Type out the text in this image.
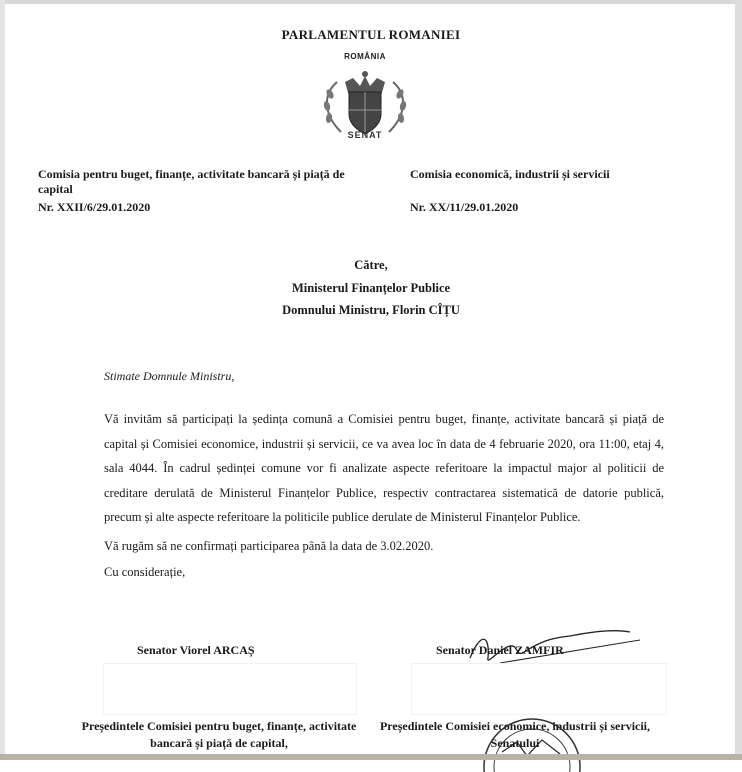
PARLAMENTUL ROMANIEI
ROMÂNIA
SENAT
Comisia pentru buget, finanțe, activitate bancară și piață de capital
Comisia economică, industrii și servicii
Nr. XXII/6/29.01.2020	Nr. XX/11/29.01.2020
Către,
Ministerul Finanțelor Publice
Domnului Ministru, Florin CÎȚU
Stimate Domnule Ministru,

Vă invităm să participați la ședința comună a Comisiei pentru buget, finanțe, activitate bancară și piață de capital și Comisiei economice, industrii și servicii, ce va avea loc în data de 4 februarie 2020, ora 11:00, etaj 4, sala 4044. În cadrul ședinței comune vor fi analizate aspecte referitoare la impactul major al politicii de creditare derulată de Ministerul Finanțelor Publice, respectiv contractarea sistematică de datorie publică, precum și alte aspecte referitoare la politicile publice derulate de Ministerul Finanțelor Publice.

Vă rugăm să ne confirmați participarea până la data de 3.02.2020.

Cu considerație,

Senator Viorel ARCAȘ	Senator Daniel ZAMFIR
Președintele Comisiei pentru buget, finanțe, activitate bancară și piață de capital,
Președintele Comisiei economice, industrii și servicii, Senatului
